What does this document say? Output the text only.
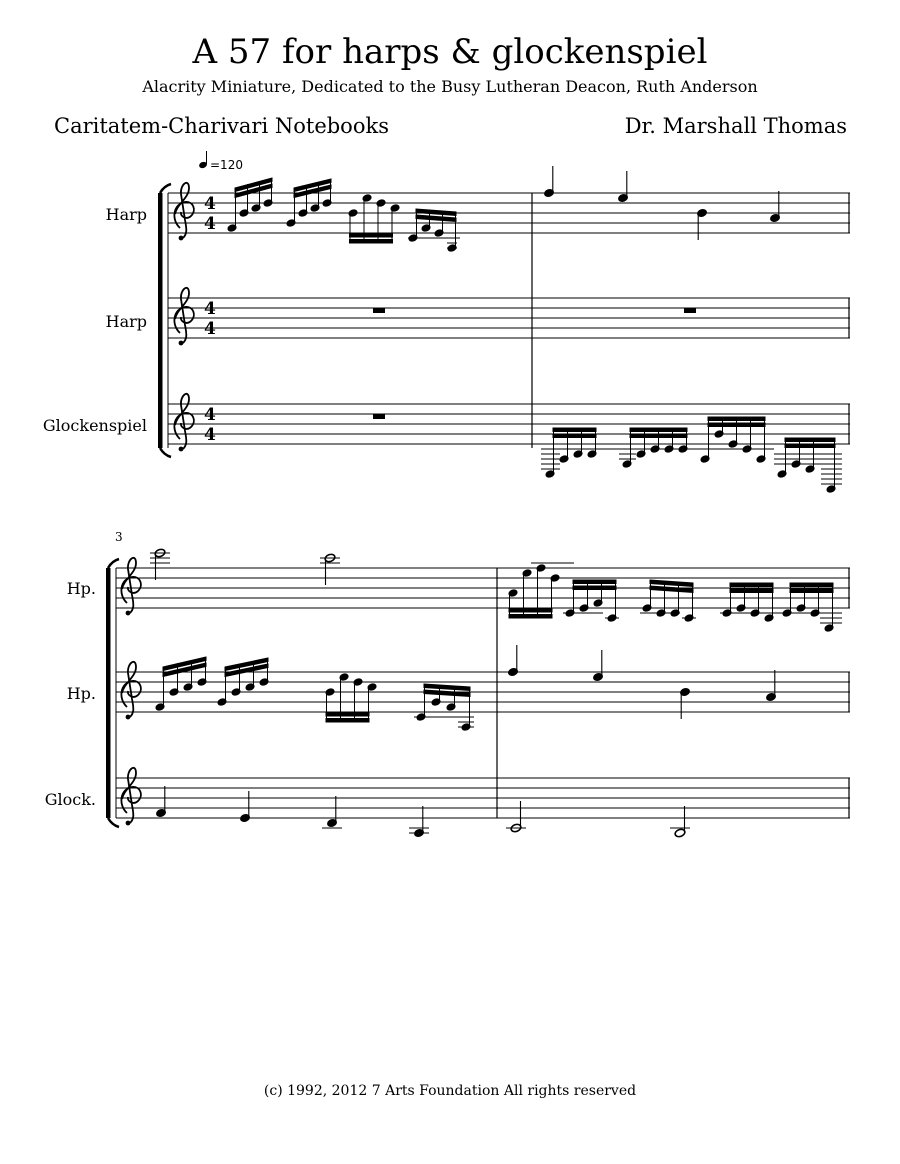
A 57 for harps & glockenspiel
Alacrity Miniature, Dedicated to the Busy Lutheran Deacon, Ruth Anderson
Caritatem-Charivari Notebooks	Dr. Marshall Thomas
Harp
Harp
Glockenspiel
Hp.
Hp.
Glock.
=120
4
4
4
4
4
4
3
(c) 1992, 2012 7 Arts Foundation All rights reserved
